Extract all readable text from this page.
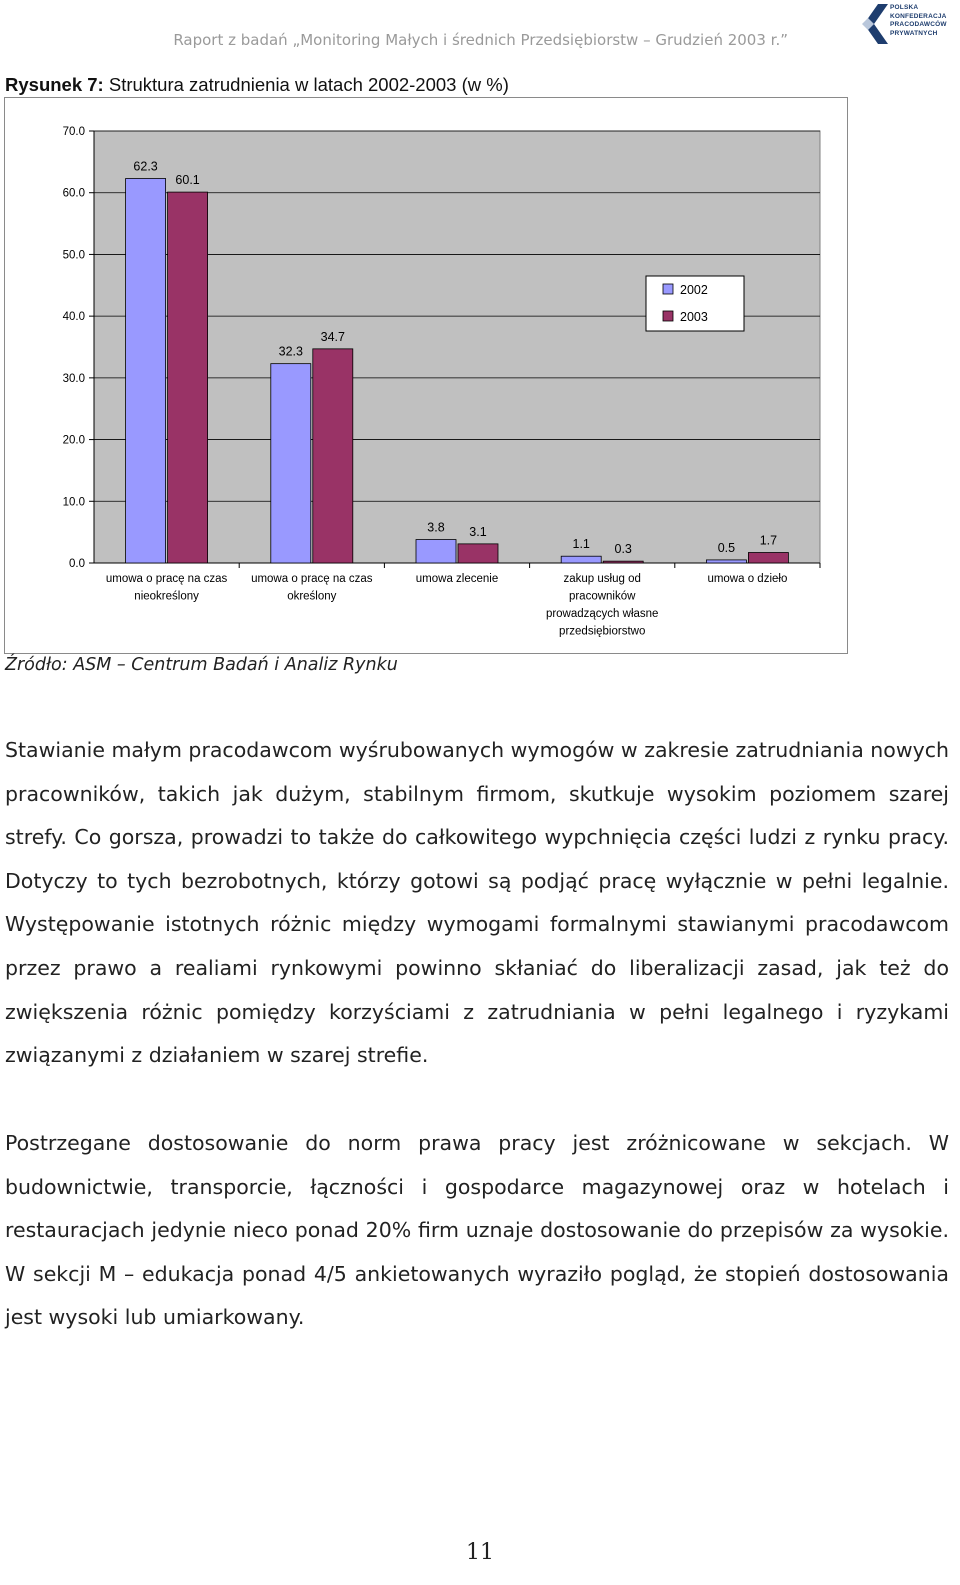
Raport z badań „Monitoring Małych i średnich Przedsiębiorstw – Grudzień 2003 r.”
POLSKA
KONFEDERACJA
PRACODAWCÓW
PRYWATNYCH
Rysunek 7: Struktura zatrudnienia w latach 2002-2003 (w %)
0.0
10.0
20.0
30.0
40.0
50.0
60.0
70.0
62.3
60.1
umowa o pracę na czas
nieokreślony
32.3
34.7
umowa o pracę na czas
określony
3.8 3.1
umowa zlecenie
1.1 0.3
zakup usług od
pracowników
prowadzących własne
przedsiębiorstwo
0.5
1.7
umowa o dzieło
2002
2003
Źródło: ASM – Centrum Badań i Analiz Rynku

Stawianie małym pracodawcom wyśrubowanych wymogów w zakresie zatrudniania nowych pracowników, takich jak dużym, stabilnym firmom, skutkuje wysokim poziomem szarej strefy. Co gorsza, prowadzi to także do całkowitego wypchnięcia części ludzi z rynku pracy. Dotyczy to tych bezrobotnych, którzy gotowi są podjąć pracę wyłącznie w pełni legalnie. Występowanie istotnych różnic między wymogami formalnymi stawianymi pracodawcom przez prawo a realiami rynkowymi powinno skłaniać do liberalizacji zasad, jak też do zwiększenia różnic pomiędzy korzyściami z zatrudniania w pełni legalnego i ryzykami związanymi z działaniem w szarej strefie.

Postrzegane dostosowanie do norm prawa pracy jest zróżnicowane w sekcjach. W budownictwie, transporcie, łączności i gospodarce magazynowej oraz w hotelach i restauracjach jedynie nieco ponad 20% firm uznaje dostosowanie do przepisów za wysokie. W sekcji M – edukacja ponad 4/5 ankietowanych wyraziło pogląd, że stopień dostosowania jest wysoki lub umiarkowany.

11
